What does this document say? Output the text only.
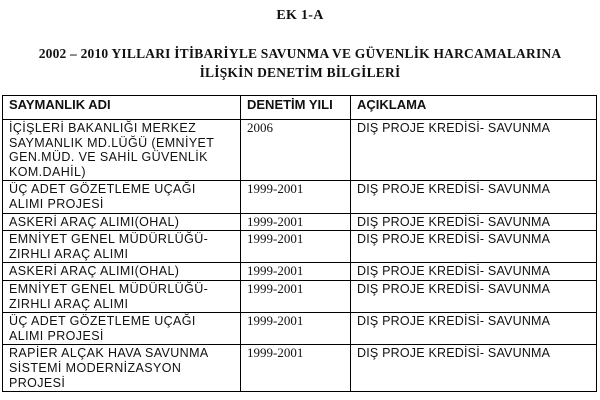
EK 1-A
2002 – 2010 YILLARI İTİBARİYLE SAVUNMA VE GÜVENLİK HARCAMALARINA
İLİŞKİN DENETİM BİLGİLERİ
SAYMANLIK ADI	DENETİM YILI	AÇIKLAMA

İÇİŞLERİ BAKANLIĞI MERKEZ
SAYMANLIK MD.LÜĞÜ (EMNİYET
GEN.MÜD. VE SAHİL GÜVENLİK
KOM.DAHİL)	2006	DIŞ PROJE KREDİSİ- SAVUNMA

ÜÇ ADET GÖZETLEME UÇAĞI
ALIMI PROJESİ	1999-2001	DIŞ PROJE KREDİSİ- SAVUNMA

ASKERİ ARAÇ ALIMI(OHAL)	1999-2001	DIŞ PROJE KREDİSİ- SAVUNMA

EMNİYET GENEL MÜDÜRLÜĞÜ-
ZIRHLI ARAÇ ALIMI	1999-2001	DIŞ PROJE KREDİSİ- SAVUNMA

ASKERİ ARAÇ ALIMI(OHAL)	1999-2001	DIŞ PROJE KREDİSİ- SAVUNMA

EMNİYET GENEL MÜDÜRLÜĞÜ-
ZIRHLI ARAÇ ALIMI	1999-2001	DIŞ PROJE KREDİSİ- SAVUNMA

ÜÇ ADET GÖZETLEME UÇAĞI
ALIMI PROJESİ	1999-2001	DIŞ PROJE KREDİSİ- SAVUNMA

RAPİER ALÇAK HAVA SAVUNMA
SİSTEMİ MODERNİZASYON
PROJESİ	1999-2001	DIŞ PROJE KREDİSİ- SAVUNMA
